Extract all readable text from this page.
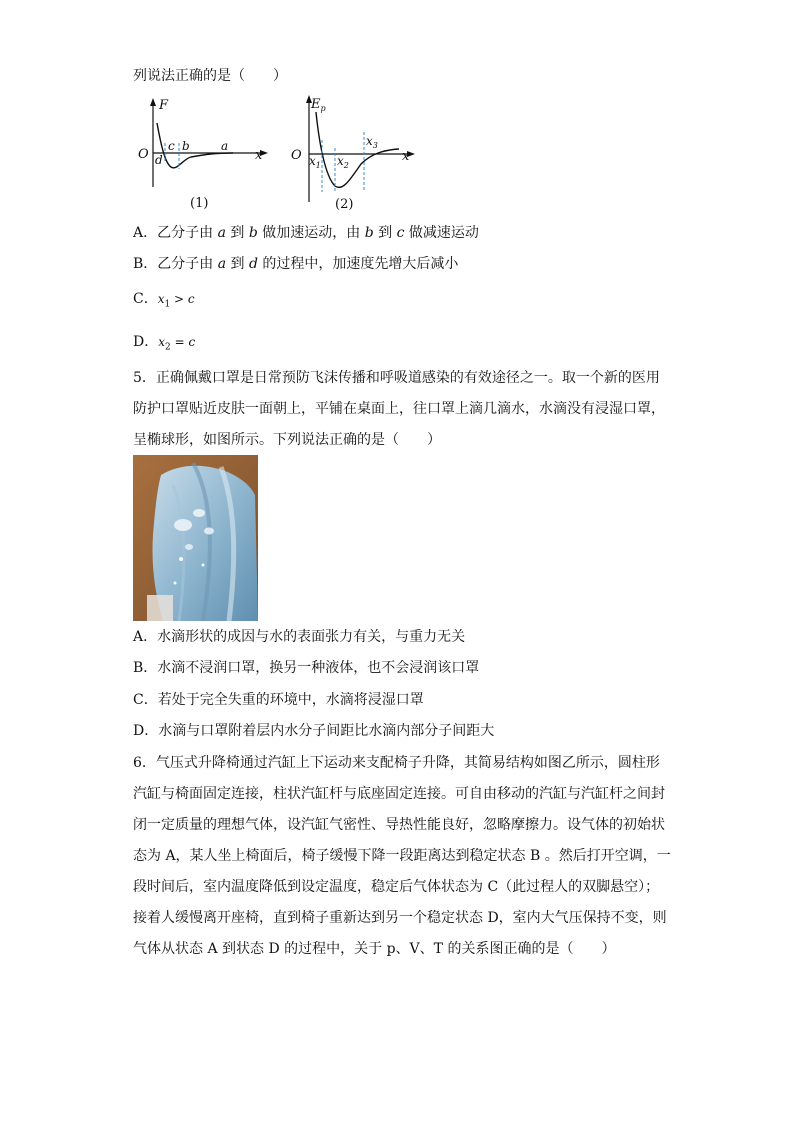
列说法正确的是（　　）
F
x
O
c b	a
d
(1)
$E_p$
x
O $x_1$ $x_2$
$x_3$
(2)
A．乙分子由 a 到 b 做加速运动，由 b 到 c 做减速运动
B．乙分子由 a 到 d 的过程中，加速度先增大后减小
C．$x_1 > c$
D．$x_2 = c$
5．正确佩戴口罩是日常预防飞沫传播和呼吸道感染的有效途径之一。取一个新的医用
防护口罩贴近皮肤一面朝上，平铺在桌面上，往口罩上滴几滴水，水滴没有浸湿口罩，
呈椭球形，如图所示。下列说法正确的是（　　）
A．水滴形状的成因与水的表面张力有关，与重力无关
B．水滴不浸润口罩，换另一种液体，也不会浸润该口罩
C．若处于完全失重的环境中，水滴将浸湿口罩
D．水滴与口罩附着层内水分子间距比水滴内部分子间距大
6．气压式升降椅通过汽缸上下运动来支配椅子升降，其简易结构如图乙所示，圆柱形
汽缸与椅面固定连接，柱状汽缸杆与底座固定连接。可自由移动的汽缸与汽缸杆之间封
闭一定质量的理想气体，设汽缸气密性、导热性能良好，忽略摩擦力。设气体的初始状
态为 A，某人坐上椅面后，椅子缓慢下降一段距离达到稳定状态 B 。然后打开空调，一
段时间后，室内温度降低到设定温度，稳定后气体状态为 C（此过程人的双脚悬空）；
接着人缓慢离开座椅，直到椅子重新达到另一个稳定状态 D，室内大气压保持不变，则
气体从状态 A 到状态 D 的过程中，关于 p、V、T 的关系图正确的是（　　）
